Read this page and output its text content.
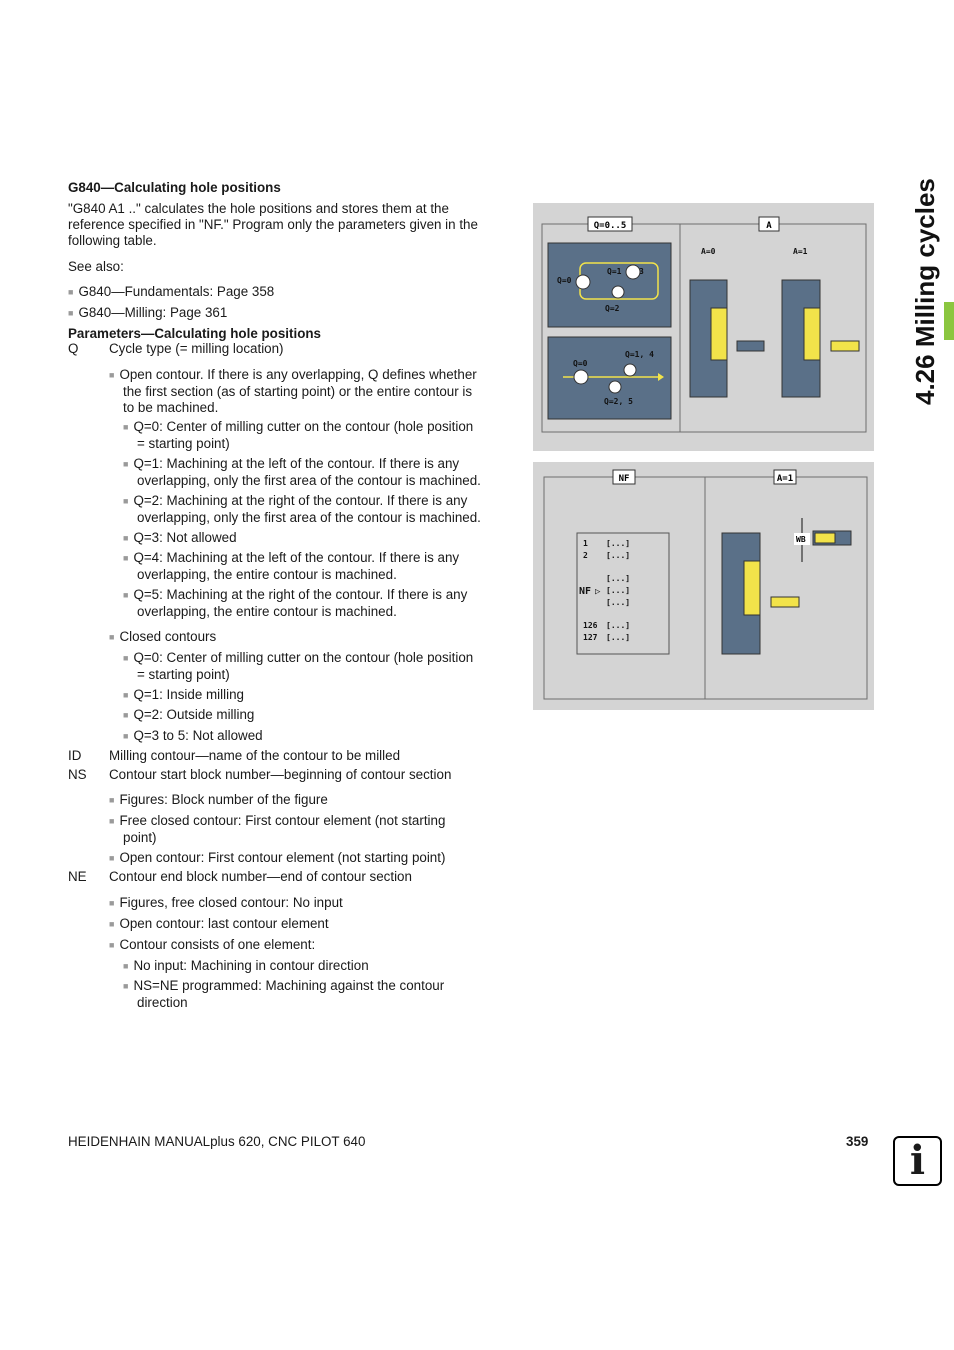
4.26 Milling cycles
G840—Calculating hole positions
"G840 A1 .." calculates the hole positions and stores them at the
reference specified in "NF." Program only the parameters given in the
following table.
See also:
■ G840—Fundamentals: Page 358
■ G840—Milling: Page 361
Parameters—Calculating hole positions
Q Cycle type (= milling location)
■ Open contour. If there is any overlapping, Q defines whether
the first section (as of starting point) or the entire contour is
to be machined.
■ Q=0: Center of milling cutter on the contour (hole position
= starting point)
■ Q=1: Machining at the left of the contour. If there is any
overlapping, only the first area of the contour is machined.
■ Q=2: Machining at the right of the contour. If there is any
overlapping, only the first area of the contour is machined.
■ Q=3: Not allowed
■ Q=4: Machining at the left of the contour. If there is any
overlapping, the entire contour is machined.
■ Q=5: Machining at the right of the contour. If there is any
overlapping, the entire contour is machined.
■ Closed contours
■ Q=0: Center of milling cutter on the contour (hole position
= starting point)
■ Q=1: Inside milling
■ Q=2: Outside milling
■ Q=3 to 5: Not allowed
ID Milling contour—name of the contour to be milled
NS Contour start block number—beginning of contour section
■ Figures: Block number of the figure
■ Free closed contour: First contour element (not starting
point)
■ Open contour: First contour element (not starting point)
NE Contour end block number—end of contour section
■ Figures, free closed contour: No input
■ Open contour: last contour element
■ Contour consists of one element:
■ No input: Machining in contour direction
■ NS=NE programmed: Machining against the contour
direction
Q=0..5	A
Q=0
Q=1 3
Q=2
Q=0
Q=1, 4
Q=2, 5
A=0	A=1
NF	A=1
1 [...]
2 [...]
[...]
NF ▷ [...]
[...]
126 [...]
127 [...]
WB
HEIDENHAIN MANUALplus 620, CNC PILOT 640	359	i
